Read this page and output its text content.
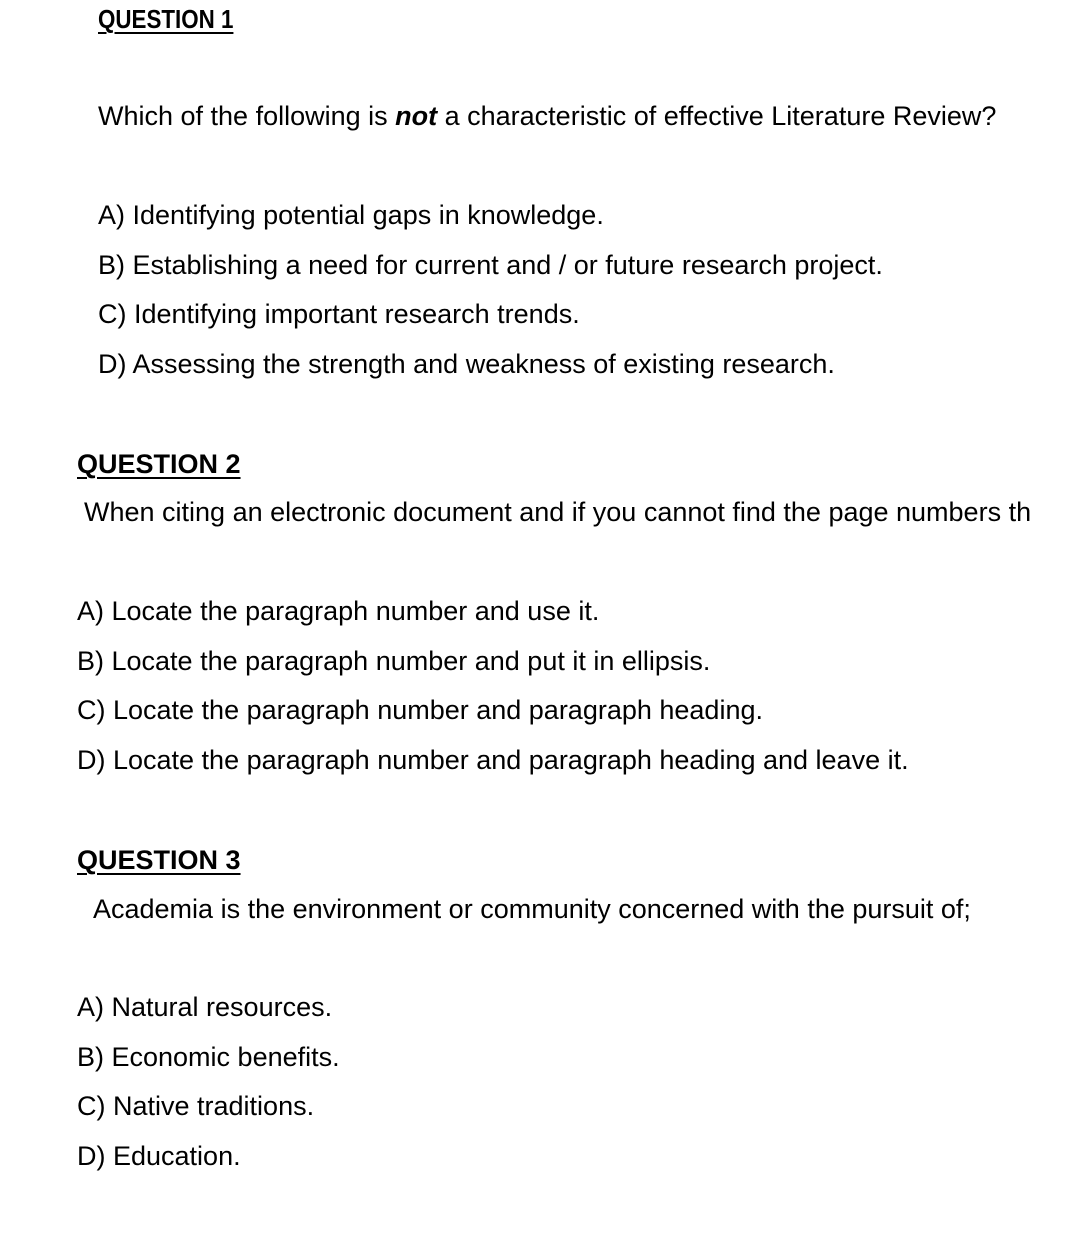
QUESTION 1
Which of the following is not a characteristic of effective Literature Review?
A) Identifying potential gaps in knowledge.
B) Establishing a need for current and / or future research project.
C) Identifying important research trends.
D) Assessing the strength and weakness of existing research.
QUESTION 2
When citing an electronic document and if you cannot find the page numbers th
A) Locate the paragraph number and use it.
B) Locate the paragraph number and put it in ellipsis.
C) Locate the paragraph number and paragraph heading.
D) Locate the paragraph number and paragraph heading and leave it.
QUESTION 3
Academia is the environment or community concerned with the pursuit of;
A) Natural resources.
B) Economic benefits.
C) Native traditions.
D) Education.
